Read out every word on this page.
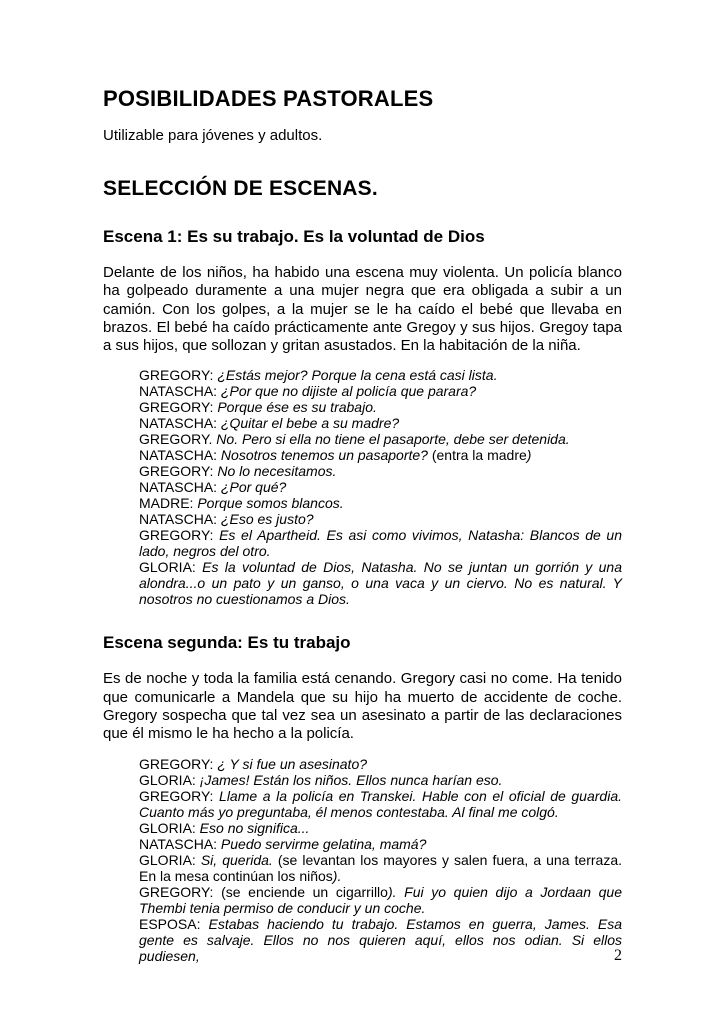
POSIBILIDADES PASTORALES

Utilizable para jóvenes y adultos.

SELECCIÓN DE ESCENAS.
Escena 1: Es su trabajo. Es la voluntad de Dios

Delante de los niños, ha habido una escena muy violenta. Un policía blanco ha golpeado duramente a una mujer negra que era obligada a subir a un camión. Con los golpes, a la mujer se le ha caído el bebé que llevaba en brazos. El bebé ha caído prácticamente ante Gregoy y sus hijos. Gregoy tapa a sus hijos, que sollozan y gritan asustados. En la habitación de la niña.

GREGORY: ¿Estás mejor? Porque la cena está casi lista.

NATASCHA: ¿Por que no dijiste al policía que parara?

GREGORY: Porque ése es su trabajo.

NATASCHA: ¿Quitar el bebe a su madre?

GREGORY. No. Pero si ella no tiene el pasaporte, debe ser detenida.

NATASCHA: Nosotros tenemos un pasaporte? (entra la madre)

GREGORY: No lo necesitamos.

NATASCHA: ¿Por qué?

MADRE: Porque somos blancos.

NATASCHA: ¿Eso es justo?

GREGORY: Es el Apartheid. Es asi como vivimos, Natasha: Blancos de un lado, negros del otro.

GLORIA: Es la voluntad de Dios, Natasha. No se juntan un gorrión y una alondra...o un pato y un ganso, o una vaca y un ciervo. No es natural. Y nosotros no cuestionamos a Dios.

Escena segunda: Es tu trabajo

Es de noche y toda la familia está cenando. Gregory casi no come. Ha tenido que comunicarle a Mandela que su hijo ha muerto de accidente de coche. Gregory sospecha que tal vez sea un asesinato a partir de las declaraciones que él mismo le ha hecho a la policía.

GREGORY: ¿ Y si fue un asesinato?

GLORIA: ¡James! Están los niños. Ellos nunca harían eso.

GREGORY: Llame a la policía en Transkei. Hable con el oficial de guardia. Cuanto más yo preguntaba, él menos contestaba. Al final me colgó.

GLORIA: Eso no significa...

NATASCHA: Puedo servirme gelatina, mamá?

GLORIA: Si, querida. (se levantan los mayores y salen fuera, a una terraza. En la mesa continúan los niños).

GREGORY: (se enciende un cigarrillo). Fui yo quien dijo a Jordaan que Thembi tenia permiso de conducir y un coche.

ESPOSA: Estabas haciendo tu trabajo. Estamos en guerra, James. Esa gente es salvaje. Ellos no nos quieren aquí, ellos nos odian. Si ellos pudiesen,	2
